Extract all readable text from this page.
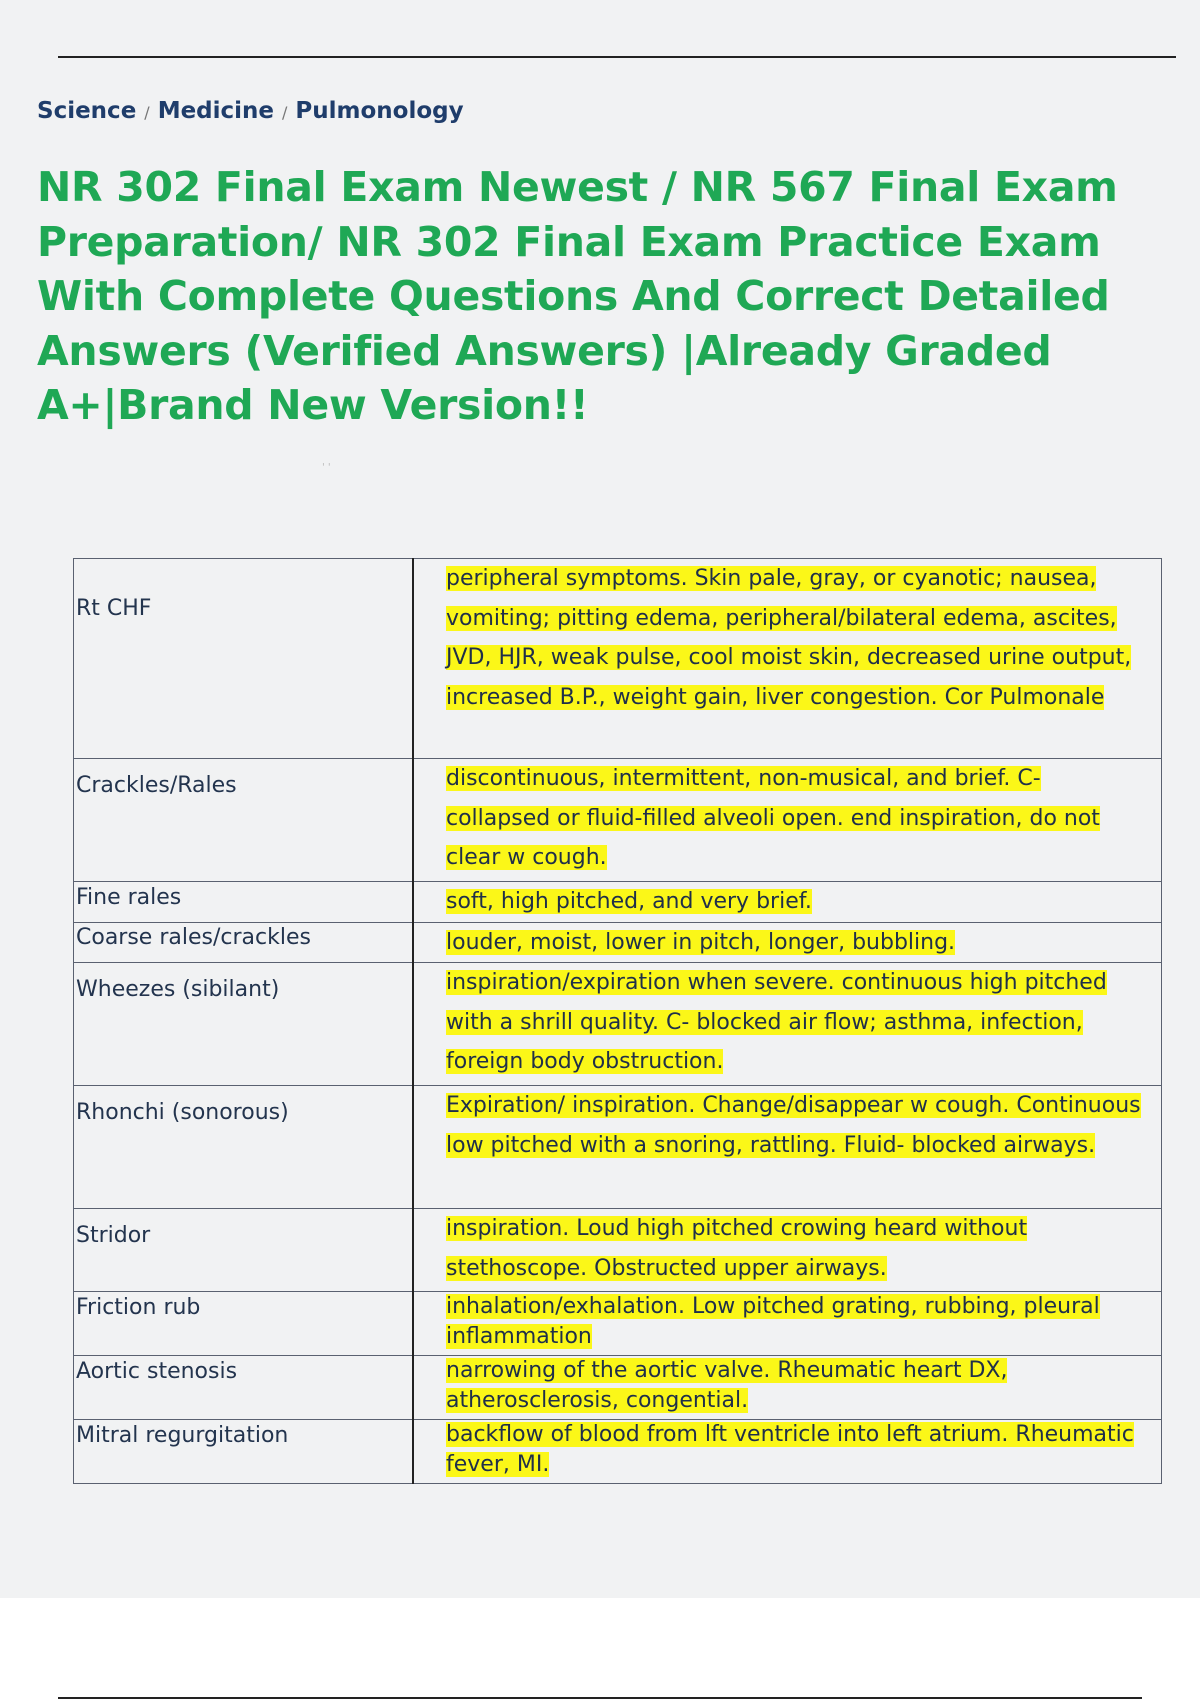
Science / Medicine / Pulmonology
NR 302 Final Exam Newest / NR 567 Final Exam Preparation/ NR 302 Final Exam Practice Exam With Complete Questions And Correct Detailed Answers (Verified Answers) |Already Graded A+|Brand New Version!!
' '
Rt CHF	peripheral symptoms. Skin pale, gray, or cyanotic; nausea, vomiting; pitting edema, peripheral/bilateral edema, ascites, JVD, HJR, weak pulse, cool moist skin, decreased urine output, increased B.P., weight gain, liver congestion. Cor Pulmonale

Crackles/Rales	discontinuous, intermittent, non-musical, and brief. C- collapsed or fluid-filled alveoli open. end inspiration, do not clear w cough.

Fine rales	soft, high pitched, and very brief.

Coarse rales/crackles	louder, moist, lower in pitch, longer, bubbling.

Wheezes (sibilant)	inspiration/expiration when severe. continuous high pitched with a shrill quality. C- blocked air flow; asthma, infection, foreign body obstruction.

Rhonchi (sonorous)	Expiration/ inspiration. Change/disappear w cough. Continuous low pitched with a snoring, rattling. Fluid- blocked airways.

Stridor	inspiration. Loud high pitched crowing heard without stethoscope. Obstructed upper airways.

Friction rub	inhalation/exhalation. Low pitched grating, rubbing, pleural inflammation

Aortic stenosis	narrowing of the aortic valve. Rheumatic heart DX, atherosclerosis, congential.

Mitral regurgitation	backflow of blood from lft ventricle into left atrium. Rheumatic fever, MI.
